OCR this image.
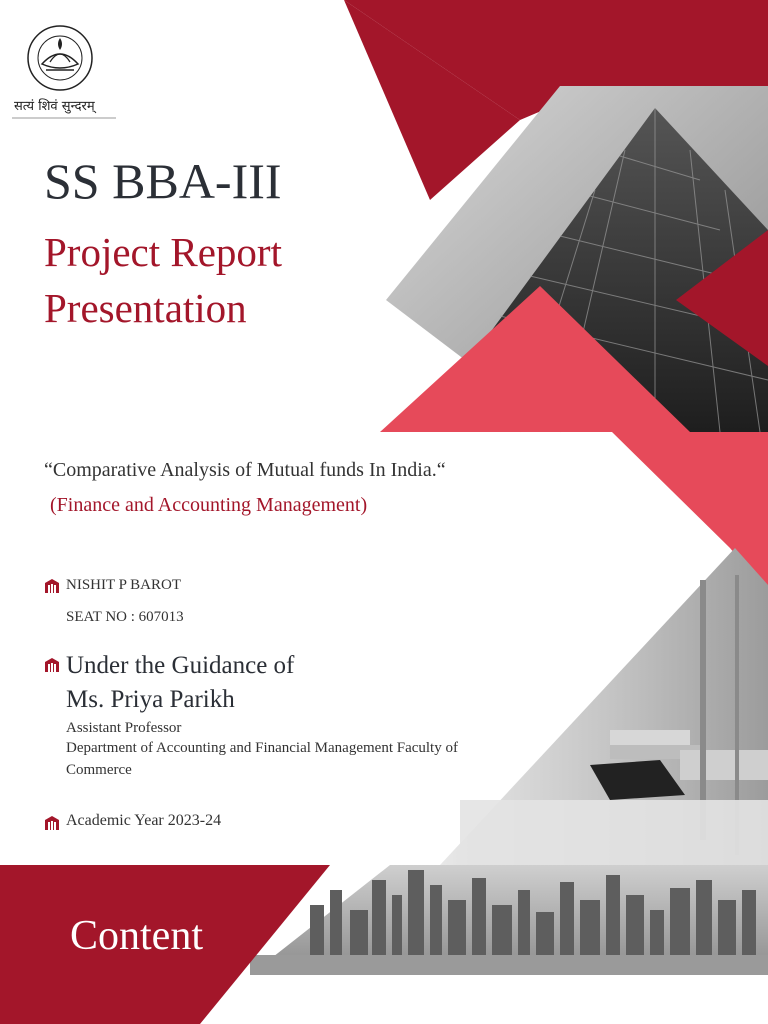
सत्यं शिवं सुन्दरम्
SS BBA-III
Project Report
Presentation
“Comparative Analysis of Mutual funds In India.“
(Finance and Accounting Management)
NISHIT P BAROT
SEAT NO : 607013
Under the Guidance of
Ms. Priya Parikh
Assistant Professor
Department of Accounting and Financial Management Faculty of
Commerce
Academic Year 2023-24
Content
